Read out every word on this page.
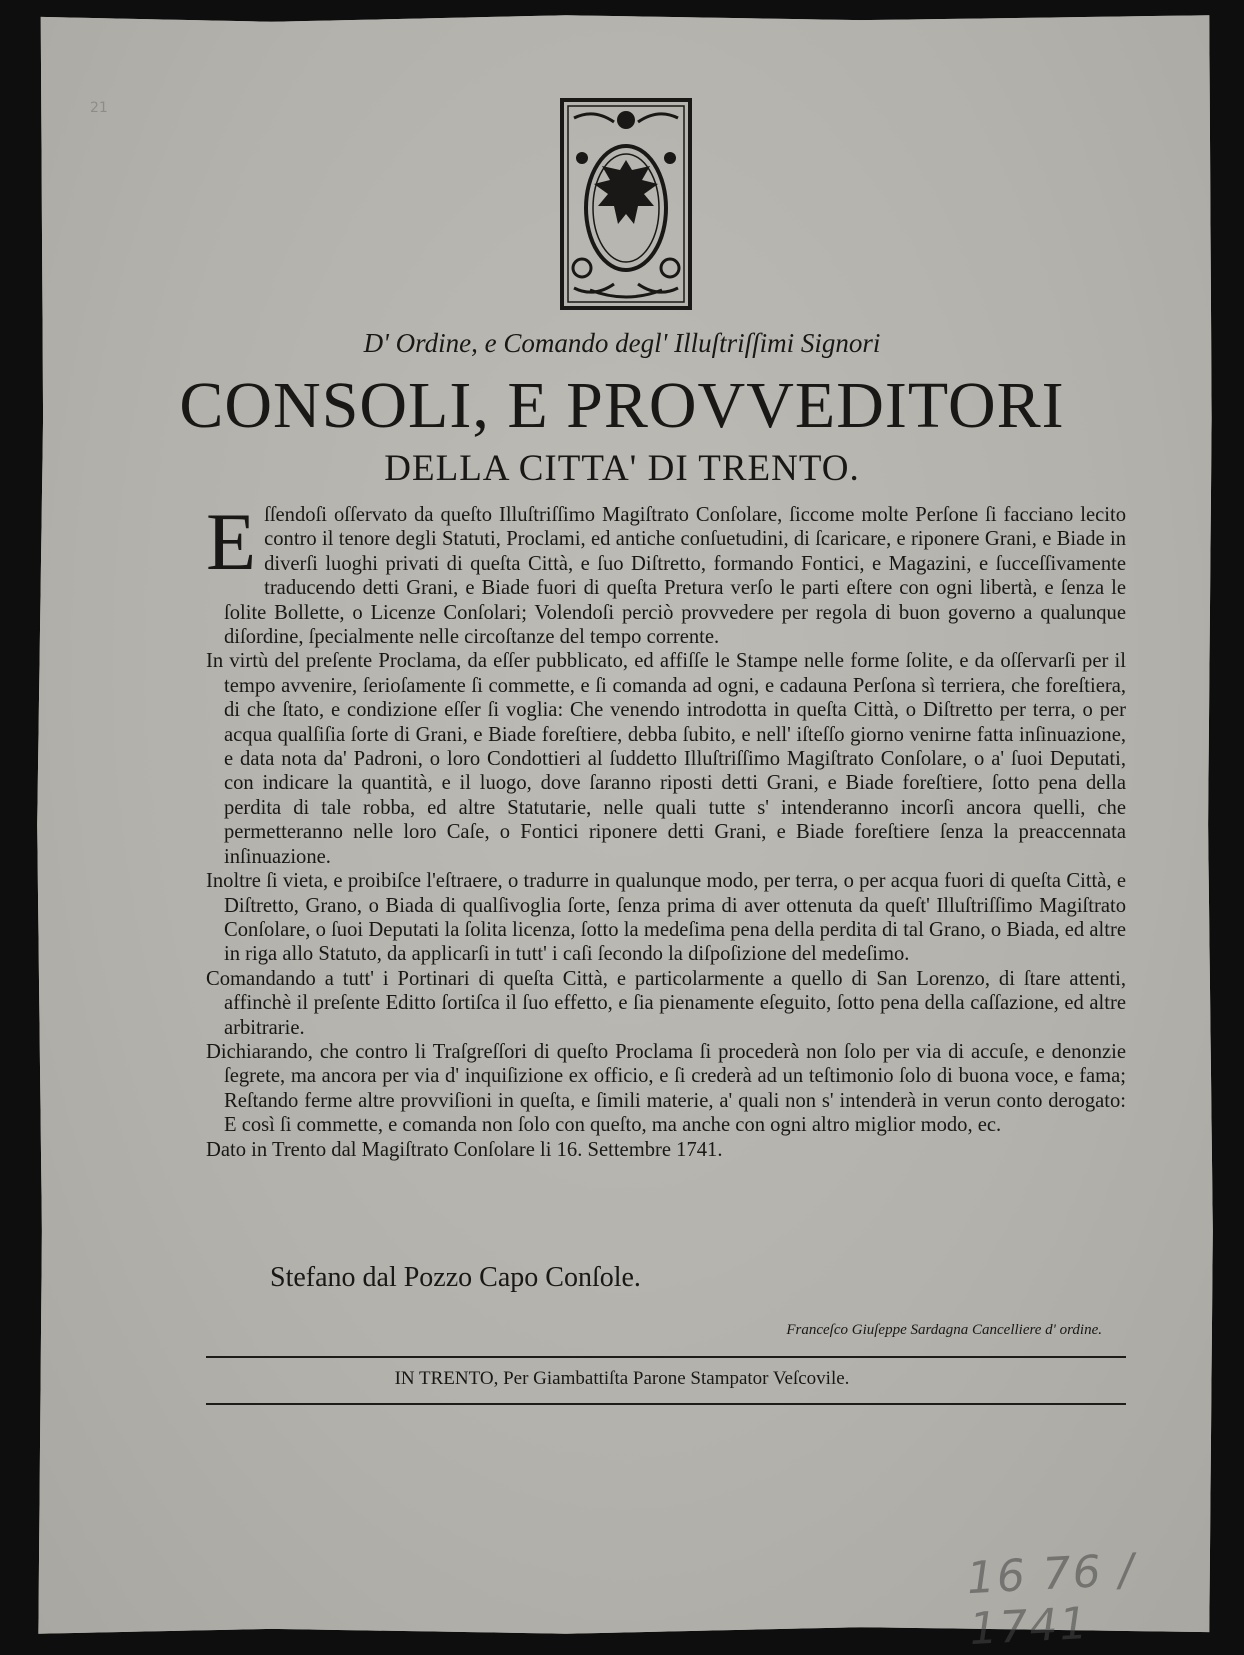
21
D' Ordine, e Comando degl' Illuſtriſſimi Signori
CONSOLI, E PROVVEDITORI
DELLA CITTA' DI TRENTO.

Eſſendoſi oſſervato da queſto Illuſtriſſimo Magiſtrato Conſolare, ſiccome molte Perſone ſi facciano lecito contro il tenore degli Statuti, Proclami, ed antiche conſuetudini, di ſcaricare, e riponere Grani, e Biade in diverſi luoghi privati di queſta Città, e ſuo Diſtretto, formando Fontici, e Magazini, e ſucceſſivamente traducendo detti Grani, e Biade fuori di queſta Pretura verſo le parti eſtere con ogni libertà, e ſenza le ſolite Bollette, o Licenze Conſolari; Volendoſi perciò provvedere per regola di buon governo a qualunque diſordine, ſpecialmente nelle circoſtanze del tempo corrente.

In virtù del preſente Proclama, da eſſer pubblicato, ed affiſſe le Stampe nelle forme ſolite, e da oſſervarſi per il tempo avvenire, ſerioſamente ſi commette, e ſi comanda ad ogni, e cadauna Perſona sì terriera, che foreſtiera, di che ſtato, e condizione eſſer ſi voglia: Che venendo introdotta in queſta Città, o Diſtretto per terra, o per acqua qualſiſia ſorte di Grani, e Biade foreſtiere, debba ſubito, e nell' iſteſſo giorno venirne fatta inſinuazione, e data nota da' Padroni, o loro Condottieri al ſuddetto Illuſtriſſimo Magiſtrato Conſolare, o a' ſuoi Deputati, con indicare la quantità, e il luogo, dove ſaranno riposti detti Grani, e Biade foreſtiere, ſotto pena della perdita di tale robba, ed altre Statutarie, nelle quali tutte s' intenderanno incorſi ancora quelli, che permetteranno nelle loro Caſe, o Fontici riponere detti Grani, e Biade foreſtiere ſenza la preaccennata inſinuazione.

Inoltre ſi vieta, e proibiſce l'eſtraere, o tradurre in qualunque modo, per terra, o per acqua fuori di queſta Città, e Diſtretto, Grano, o Biada di qualſivoglia ſorte, ſenza prima di aver ottenuta da queſt' Illuſtriſſimo Magiſtrato Conſolare, o ſuoi Deputati la ſolita licenza, ſotto la medeſima pena della perdita di tal Grano, o Biada, ed altre in riga allo Statuto, da applicarſi in tutt' i caſi ſecondo la diſpoſizione del medeſimo.

Comandando a tutt' i Portinari di queſta Città, e particolarmente a quello di San Lorenzo, di ſtare attenti, affinchè il preſente Editto ſortiſca il ſuo effetto, e ſia pienamente eſeguito, ſotto pena della caſſazione, ed altre arbitrarie.

Dichiarando, che contro li Traſgreſſori di queſto Proclama ſi procederà non ſolo per via di accuſe, e denonzie ſegrete, ma ancora per via d' inquiſizione ex officio, e ſi crederà ad un teſtimonio ſolo di buona voce, e fama; Reſtando ferme altre provviſioni in queſta, e ſimili materie, a' quali non s' intenderà in verun conto derogato: E così ſi commette, e comanda non ſolo con queſto, ma anche con ogni altro miglior modo, ec.

Dato in Trento dal Magiſtrato Conſolare li 16. Settembre 1741.

Stefano dal Pozzo Capo Conſole.
Franceſco Giuſeppe Sardagna Cancelliere d' ordine.
IN TRENTO, Per Giambattiſta Parone Stampator Veſcovile.
16 76 / 1741
